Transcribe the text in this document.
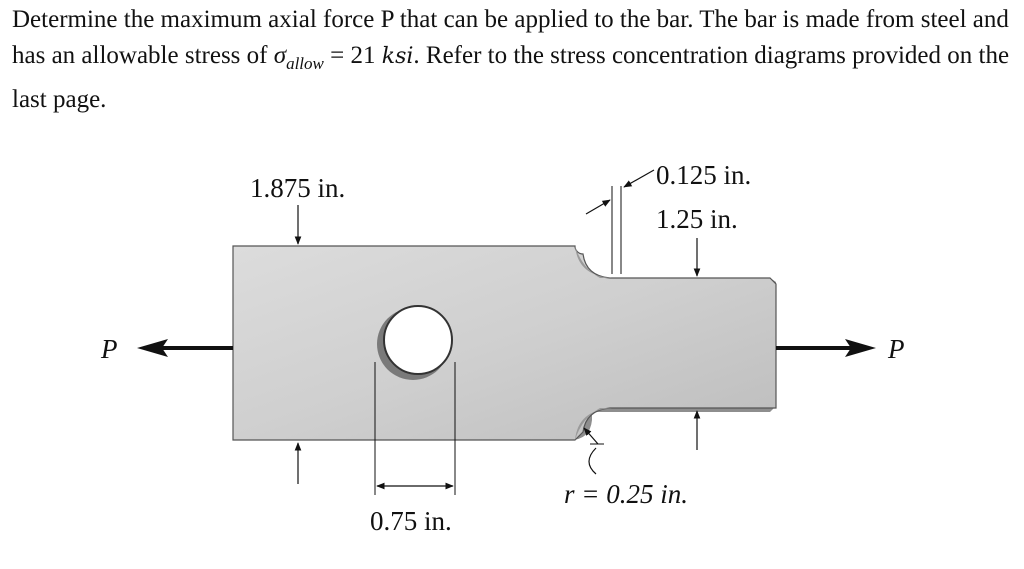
Determine the maximum axial force P that can be applied to the bar. The bar is made from steel and has an allowable stress of $\sigma_{allow} = 21$ ksi. Refer to the stress concentration diagrams provided on the last page.

1.875 in.	0.125 in.
1.25 in.
0.75 in.
r = 0.25 in.
P	P
